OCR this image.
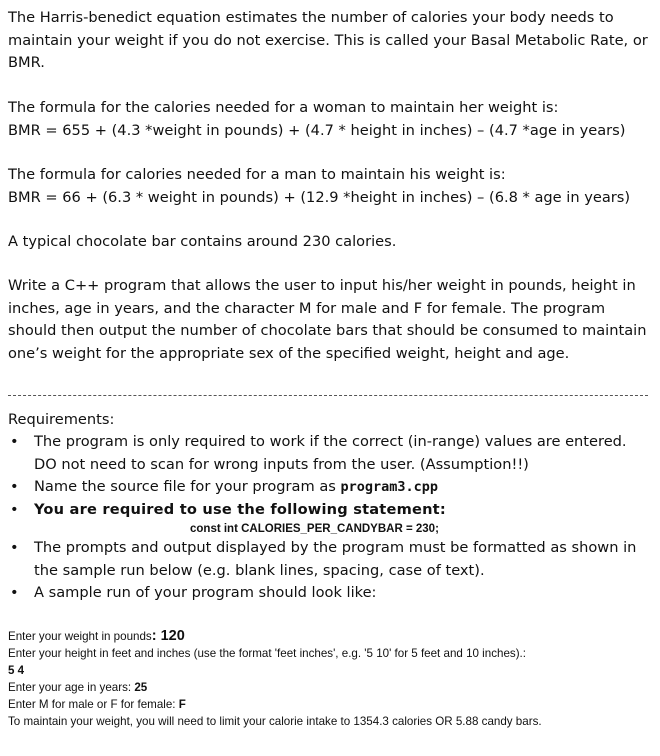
The Harris-benedict equation estimates the number of calories your body needs to maintain your weight if you do not exercise. This is called your Basal Metabolic Rate, or BMR.

The formula for the calories needed for a woman to maintain her weight is:
BMR = 655 + (4.3 *weight in pounds) + (4.7 * height in inches) – (4.7 *age in years)
The formula for calories needed for a man to maintain his weight is:
BMR = 66 + (6.3 * weight in pounds) + (12.9 *height in inches) – (6.8 * age in years)

A typical chocolate bar contains around 230 calories.

Write a C++ program that allows the user to input his/her weight in pounds, height in inches, age in years, and the character M for male and F for female. The program should then output the number of chocolate bars that should be consumed to maintain one’s weight for the appropriate sex of the specified weight, height and age.

Requirements:
• The program is only required to work if the correct (in-range) values are entered. DO not need to scan for wrong inputs from the user. (Assumption!!)
• Name the source file for your program as program3.cpp
• You are required to use the following statement:
const int CALORIES_PER_CANDYBAR = 230;
• The prompts and output displayed by the program must be formatted as shown in the sample run below (e.g. blank lines, spacing, case of text).
• A sample run of your program should look like:
Enter your weight in pounds: 120
Enter your height in feet and inches (use the format 'feet inches', e.g. '5 10' for 5 feet and 10 inches).:
5 4
Enter your age in years: 25
Enter M for male or F for female: F
To maintain your weight, you will need to limit your calorie intake to 1354.3 calories OR 5.88 candy bars.
